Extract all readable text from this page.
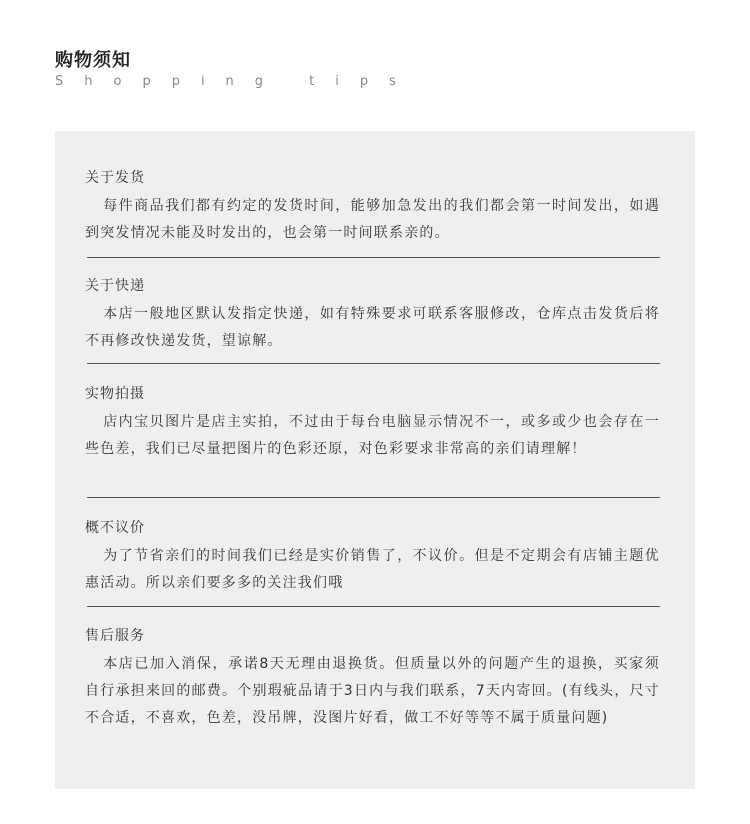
购物须知
Shopping tips
关于发货
每件商品我们都有约定的发货时间，能够加急发出的我们都会第一时间发出，如遇到突发情况未能及时发出的，也会第一时间联系亲的。
关于快递
本店一般地区默认发指定快递，如有特殊要求可联系客服修改，仓库点击发货后将不再修改快递发货，望谅解。
实物拍摄
店内宝贝图片是店主实拍，不过由于每台电脑显示情况不一，或多或少也会存在一些色差，我们已尽量把图片的色彩还原，对色彩要求非常高的亲们请理解！
概不议价
为了节省亲们的时间我们已经是实价销售了，不议价。但是不定期会有店铺主题优惠活动。所以亲们要多多的关注我们哦
售后服务
本店已加入消保，承诺8天无理由退换货。但质量以外的问题产生的退换，买家须自行承担来回的邮费。个别瑕疵品请于3日内与我们联系，7天内寄回。(有线头，尺寸不合适，不喜欢，色差，没吊牌，没图片好看，做工不好等等不属于质量问题)
